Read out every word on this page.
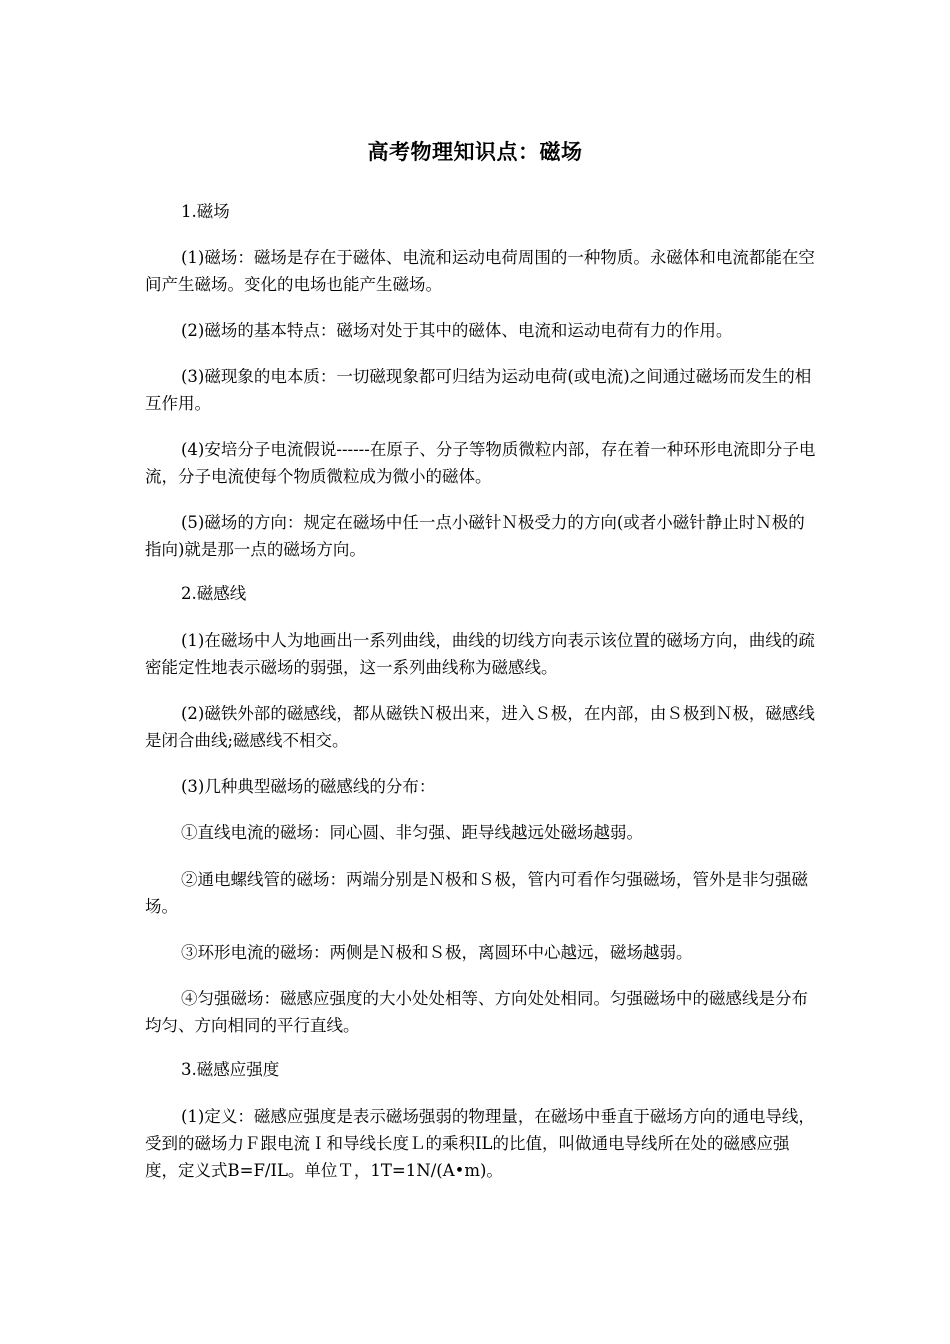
高考物理知识点：磁场
1.磁场
(1)磁场：磁场是存在于磁体、电流和运动电荷周围的一种物质。永磁体和电流都能在空间产生磁场。变化的电场也能产生磁场。
(2)磁场的基本特点：磁场对处于其中的磁体、电流和运动电荷有力的作用。
(3)磁现象的电本质：一切磁现象都可归结为运动电荷(或电流)之间通过磁场而发生的相互作用。
(4)安培分子电流假说------在原子、分子等物质微粒内部，存在着一种环形电流即分子电流，分子电流使每个物质微粒成为微小的磁体。
(5)磁场的方向：规定在磁场中任一点小磁针Ｎ极受力的方向(或者小磁针静止时Ｎ极的指向)就是那一点的磁场方向。
2.磁感线
(1)在磁场中人为地画出一系列曲线，曲线的切线方向表示该位置的磁场方向，曲线的疏密能定性地表示磁场的弱强，这一系列曲线称为磁感线。
(2)磁铁外部的磁感线，都从磁铁Ｎ极出来，进入Ｓ极，在内部，由Ｓ极到Ｎ极，磁感线是闭合曲线;磁感线不相交。
(3)几种典型磁场的磁感线的分布：
①直线电流的磁场：同心圆、非匀强、距导线越远处磁场越弱。
②通电螺线管的磁场：两端分别是Ｎ极和Ｓ极，管内可看作匀强磁场，管外是非匀强磁场。
③环形电流的磁场：两侧是Ｎ极和Ｓ极，离圆环中心越远，磁场越弱。
④匀强磁场：磁感应强度的大小处处相等、方向处处相同。匀强磁场中的磁感线是分布均匀、方向相同的平行直线。
3.磁感应强度
(1)定义：磁感应强度是表示磁场强弱的物理量，在磁场中垂直于磁场方向的通电导线，受到的磁场力Ｆ跟电流Ｉ和导线长度Ｌ的乘积IL的比值，叫做通电导线所在处的磁感应强度，定义式B=F/IL。单位Ｔ，1T=1N/(A•m)。
